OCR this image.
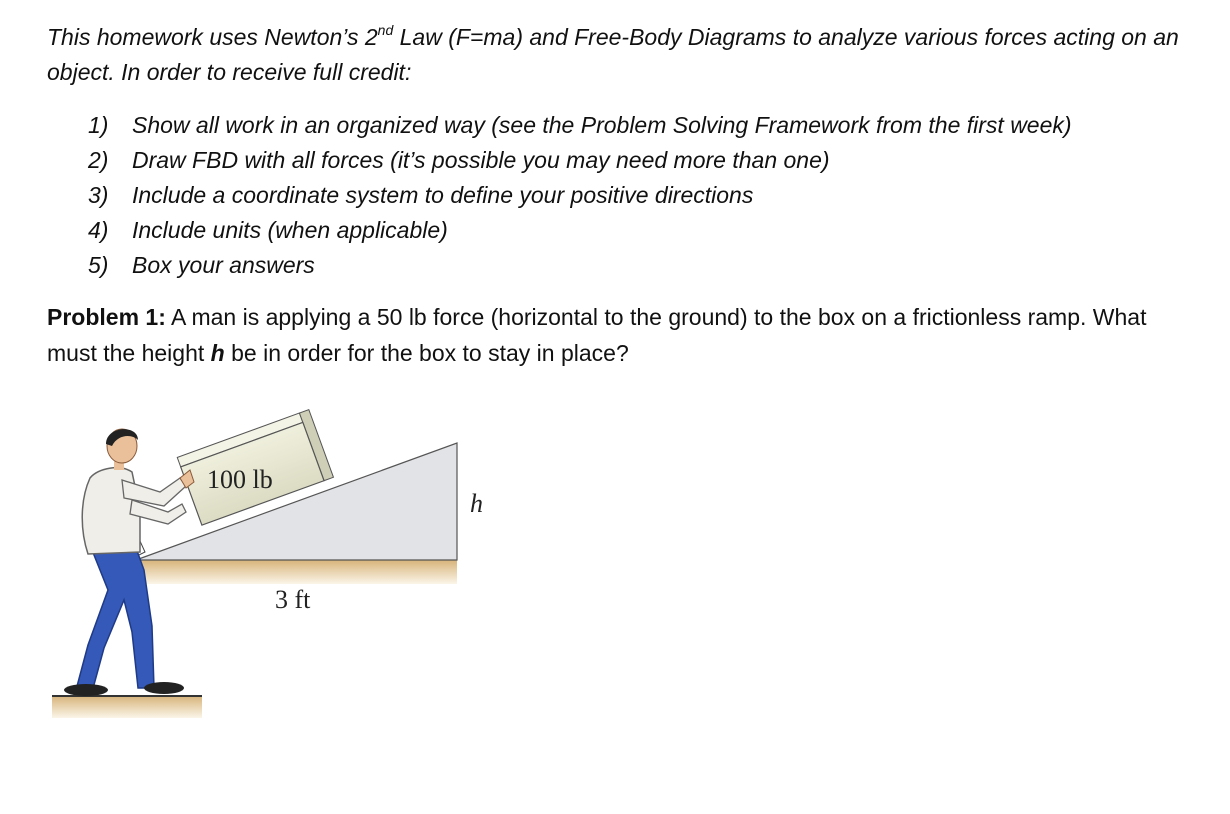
This homework uses Newton’s 2nd Law (F=ma) and Free-Body Diagrams to analyze various forces acting on an object. In order to receive full credit:
1) Show all work in an organized way (see the Problem Solving Framework from the first week)
2) Draw FBD with all forces (it’s possible you may need more than one)
3) Include a coordinate system to define your positive directions
4) Include units (when applicable)
5) Box your answers
Problem 1: A man is applying a 50 lb force (horizontal to the ground) to the box on a frictionless ramp. What must the height h be in order for the box to stay in place?
100 lb
h
3 ft
